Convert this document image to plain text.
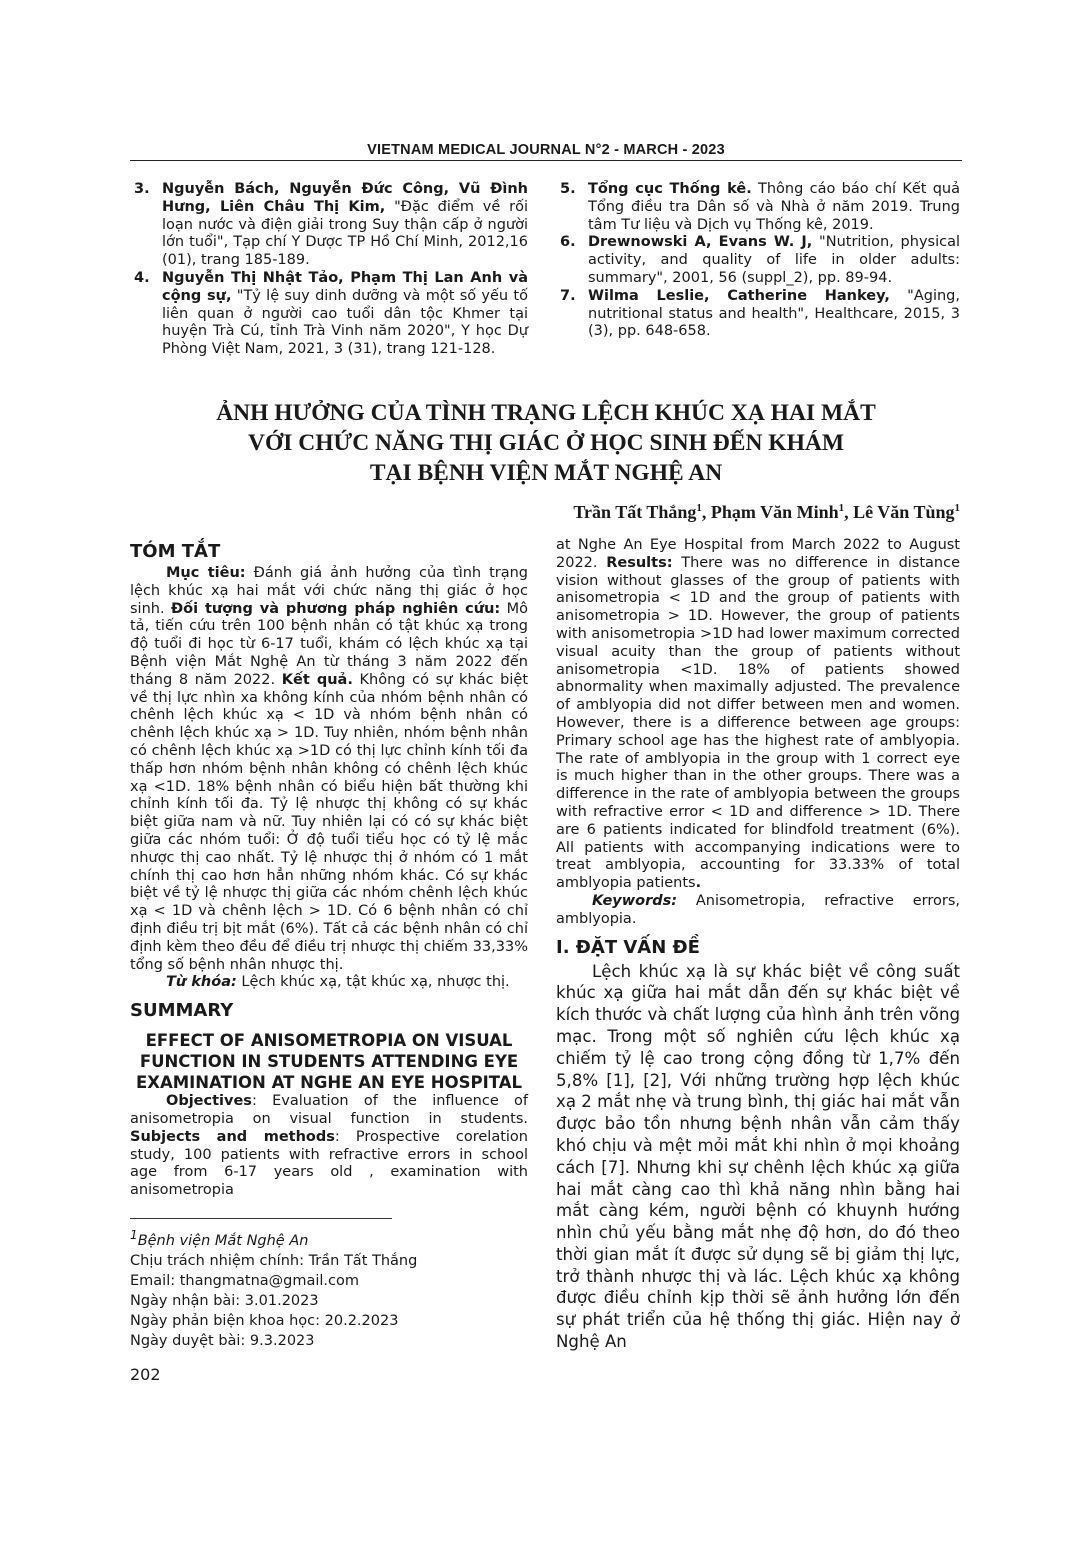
VIETNAM MEDICAL JOURNAL N°2 - MARCH - 2023
3. Nguyễn Bách, Nguyễn Đức Công, Vũ Đình Hưng, Liên Châu Thị Kim, "Đặc điểm về rối loạn nước và điện giải trong Suy thận cấp ở người lớn tuổi", Tạp chí Y Dược TP Hồ Chí Minh, 2012,16 (01), trang 185-189.
4. Nguyễn Thị Nhật Tảo, Phạm Thị Lan Anh và cộng sự, "Tỷ lệ suy dinh dưỡng và một số yếu tố liên quan ở người cao tuổi dân tộc Khmer tại huyện Trà Cú, tỉnh Trà Vinh năm 2020", Y học Dự Phòng Việt Nam, 2021, 3 (31), trang 121-128.
5. Tổng cục Thống kê. Thông cáo báo chí Kết quả Tổng điều tra Dân số và Nhà ở năm 2019. Trung tâm Tư liệu và Dịch vụ Thống kê, 2019.
6. Drewnowski A, Evans W. J, "Nutrition, physical activity, and quality of life in older adults: summary", 2001, 56 (suppl_2), pp. 89-94.
7. Wilma Leslie, Catherine Hankey, "Aging, nutritional status and health", Healthcare, 2015, 3 (3), pp. 648-658.
ẢNH HƯỞNG CỦA TÌNH TRẠNG LỆCH KHÚC XẠ HAI MẮT
VỚI CHỨC NĂNG THỊ GIÁC Ở HỌC SINH ĐẾN KHÁM
TẠI BỆNH VIỆN MẮT NGHỆ AN
Trần Tất Thắng$^1$, Phạm Văn Minh$^1$, Lê Văn Tùng$^1$
TÓM TẮT
Mục tiêu: Đánh giá ảnh hưởng của tình trạng lệch khúc xạ hai mắt với chức năng thị giác ở học sinh. Đối tượng và phương pháp nghiên cứu: Mô tả, tiến cứu trên 100 bệnh nhân có tật khúc xạ trong độ tuổi đi học từ 6-17 tuổi, khám có lệch khúc xạ tại Bệnh viện Mắt Nghệ An từ tháng 3 năm 2022 đến tháng 8 năm 2022. Kết quả. Không có sự khác biệt về thị lực nhìn xa không kính của nhóm bệnh nhân có chênh lệch khúc xạ < 1D và nhóm bệnh nhân có chênh lệch khúc xạ > 1D. Tuy nhiên, nhóm bệnh nhân có chênh lệch khúc xạ >1D có thị lực chỉnh kính tối đa thấp hơn nhóm bệnh nhân không có chênh lệch khúc xạ <1D. 18% bệnh nhân có biểu hiện bất thường khi chỉnh kính tối đa. Tỷ lệ nhược thị không có sự khác biệt giữa nam và nữ. Tuy nhiên lại có có sự khác biệt giữa các nhóm tuổi: Ở độ tuổi tiểu học có tỷ lệ mắc nhược thị cao nhất. Tỷ lệ nhược thị ở nhóm có 1 mắt chính thị cao hơn hẳn những nhóm khác. Có sự khác biệt về tỷ lệ nhược thị giữa các nhóm chênh lệch khúc xạ < 1D và chênh lệch > 1D. Có 6 bệnh nhân có chỉ định điều trị bịt mắt (6%). Tất cả các bệnh nhân có chỉ định kèm theo đều để điều trị nhược thị chiếm 33,33% tổng số bệnh nhân nhược thị.
Từ khóa: Lệch khúc xạ, tật khúc xạ, nhược thị.
SUMMARY
EFFECT OF ANISOMETROPIA ON VISUAL
FUNCTION IN STUDENTS ATTENDING EYE
EXAMINATION AT NGHE AN EYE HOSPITAL
Objectives: Evaluation of the influence of anisometropia on visual function in students. Subjects and methods: Prospective corelation study, 100 patients with refractive errors in school age from 6-17 years old , examination with anisometropia
$^1$Bệnh viện Mắt Nghệ An
Chịu trách nhiệm chính: Trần Tất Thắng
Email: thangmatna@gmail.com
Ngày nhận bài: 3.01.2023
Ngày phản biện khoa học: 20.2.2023
Ngày duyệt bài: 9.3.2023
at Nghe An Eye Hospital from March 2022 to August 2022. Results: There was no difference in distance vision without glasses of the group of patients with anisometropia < 1D and the group of patients with anisometropia > 1D. However, the group of patients with anisometropia >1D had lower maximum corrected visual acuity than the group of patients without anisometropia <1D. 18% of patients showed abnormality when maximally adjusted. The prevalence of amblyopia did not differ between men and women. However, there is a difference between age groups: Primary school age has the highest rate of amblyopia. The rate of amblyopia in the group with 1 correct eye is much higher than in the other groups. There was a difference in the rate of amblyopia between the groups with refractive error < 1D and difference > 1D. There are 6 patients indicated for blindfold treatment (6%). All patients with accompanying indications were to treat amblyopia, accounting for 33.33% of total amblyopia patients.
Keywords: Anisometropia, refractive errors, amblyopia.
I. ĐẶT VẤN ĐỀ
Lệch khúc xạ là sự khác biệt về công suất khúc xạ giữa hai mắt dẫn đến sự khác biệt về kích thước và chất lượng của hình ảnh trên võng mạc. Trong một số nghiên cứu lệch khúc xạ chiếm tỷ lệ cao trong cộng đồng từ 1,7% đến 5,8% [1], [2], Với những trường hợp lệch khúc xạ 2 mắt nhẹ và trung bình, thị giác hai mắt vẫn được bảo tồn nhưng bệnh nhân vẫn cảm thấy khó chịu và mệt mỏi mắt khi nhìn ở mọi khoảng cách [7]. Nhưng khi sự chênh lệch khúc xạ giữa hai mắt càng cao thì khả năng nhìn bằng hai mắt càng kém, người bệnh có khuynh hướng nhìn chủ yếu bằng mắt nhẹ độ hơn, do đó theo thời gian mắt ít được sử dụng sẽ bị giảm thị lực, trở thành nhược thị và lác. Lệch khúc xạ không được điều chỉnh kịp thời sẽ ảnh hưởng lớn đến sự phát triển của hệ thống thị giác. Hiện nay ở Nghệ An
202
